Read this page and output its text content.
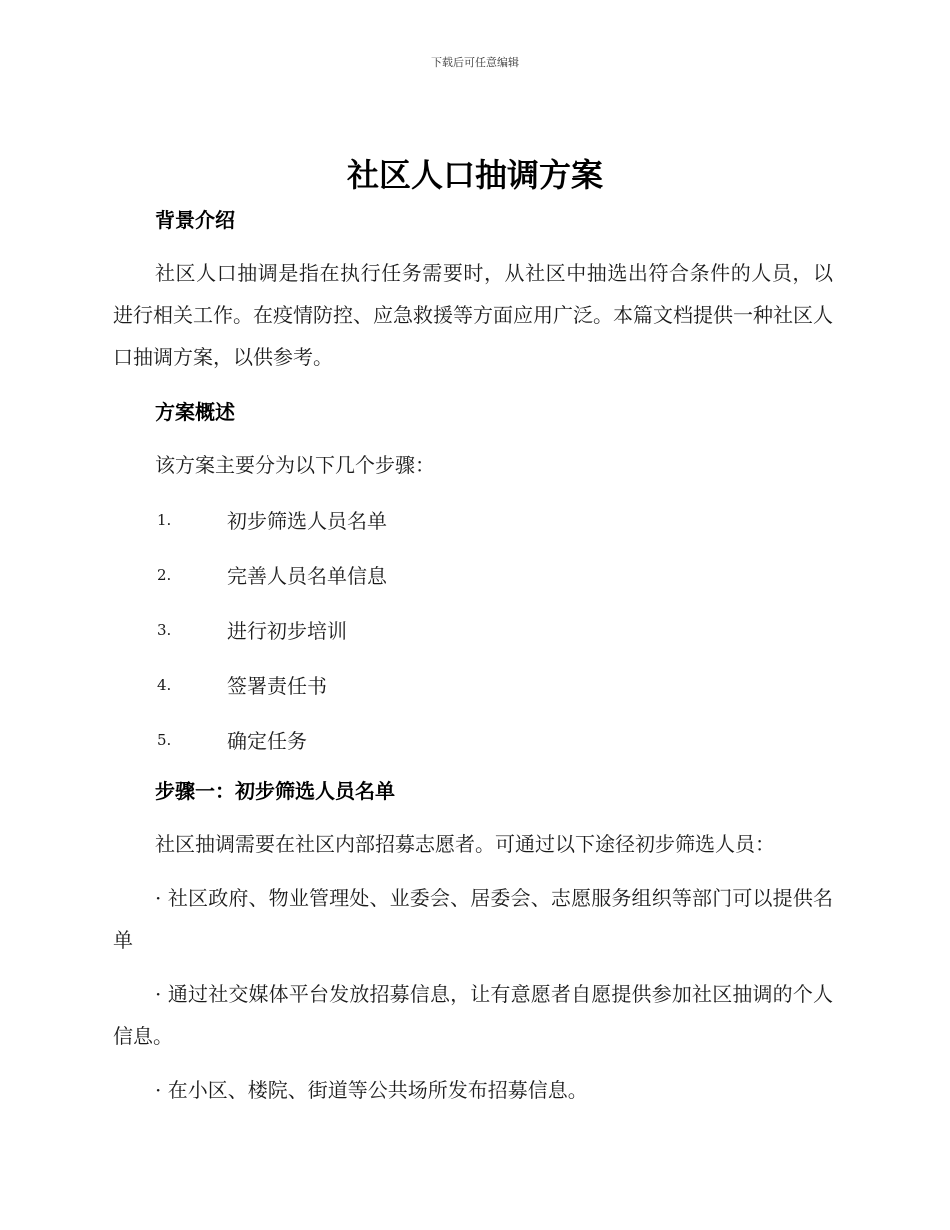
下载后可任意编辑
社区人口抽调方案
背景介绍

社区人口抽调是指在执行任务需要时，从社区中抽选出符合条件的人员，以进行相关工作。在疫情防控、应急救援等方面应用广泛。本篇文档提供一种社区人口抽调方案，以供参考。

方案概述

该方案主要分为以下几个步骤：

1.	初步筛选人员名单
2.	完善人员名单信息
3.	进行初步培训
4.	签署责任书
5.	确定任务
步骤一：初步筛选人员名单

社区抽调需要在社区内部招募志愿者。可通过以下途径初步筛选人员：

· 社区政府、物业管理处、业委会、居委会、志愿服务组织等部门可以提供名单

· 通过社交媒体平台发放招募信息，让有意愿者自愿提供参加社区抽调的个人信息。

· 在小区、楼院、街道等公共场所发布招募信息。
